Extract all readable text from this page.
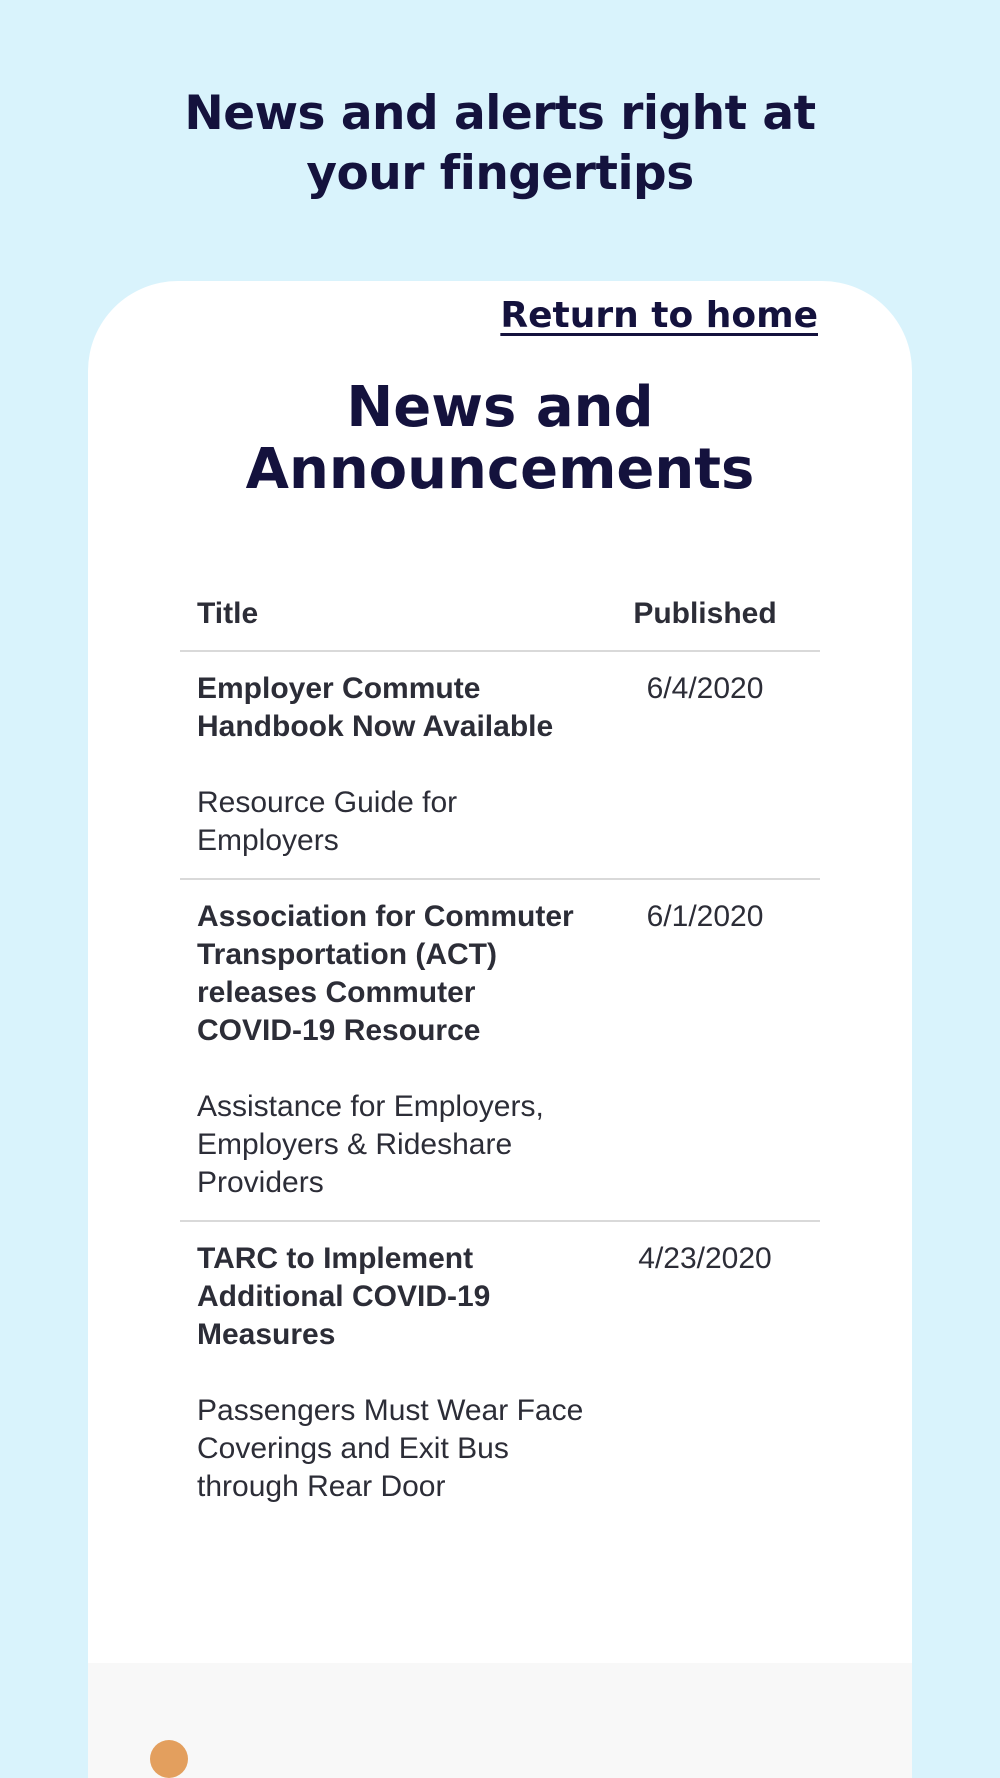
News and alerts right at
your fingertips
Return to home
News and
Announcements
Title	Published

Employer Commute Handbook Now Available
Resource Guide for Employers	6/4/2020

Association for Commuter Transportation (ACT) releases Commuter COVID-19 Resource
Assistance for Employers, Employers & Rideshare Providers	6/1/2020

TARC to Implement Additional COVID-19 Measures
Passengers Must Wear Face Coverings and Exit Bus through Rear Door	4/23/2020
